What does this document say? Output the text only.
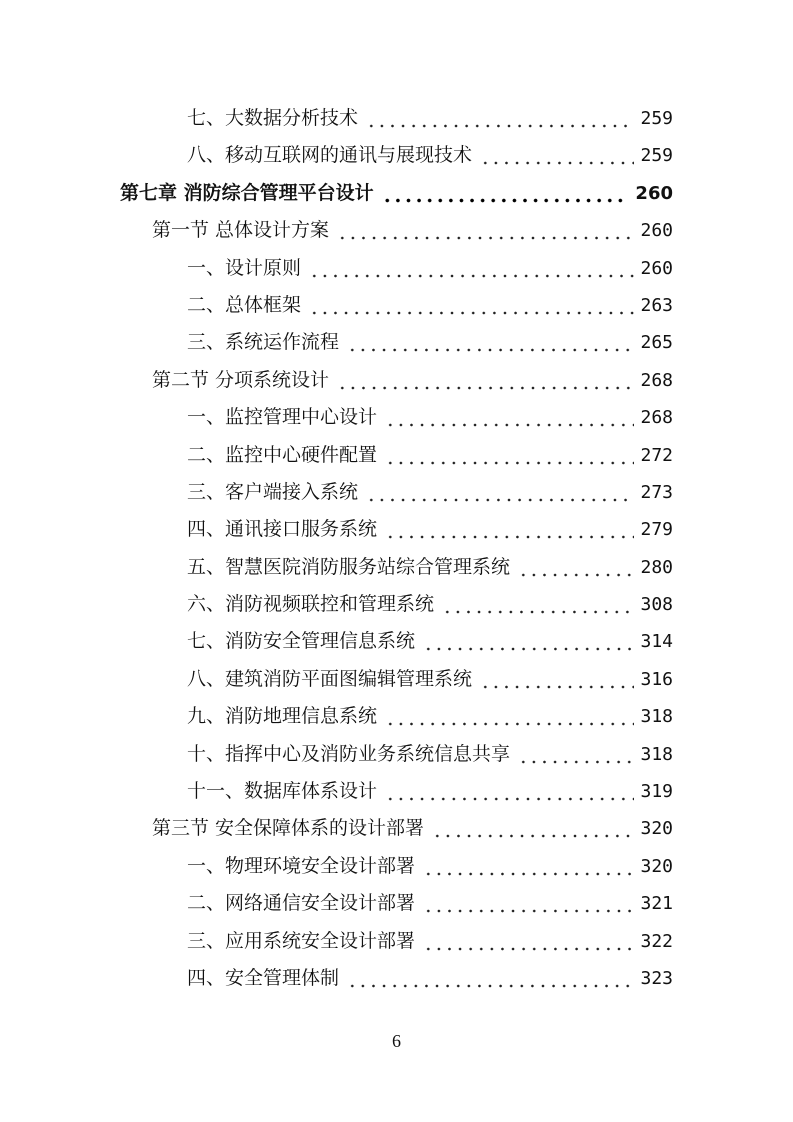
七、大数据分析技术	259
八、移动互联网的通讯与展现技术	259
第七章 消防综合管理平台设计	260
第一节 总体设计方案	260
一、设计原则	260
二、总体框架	263
三、系统运作流程	265
第二节 分项系统设计	268
一、监控管理中心设计	268
二、监控中心硬件配置	272
三、客户端接入系统	273
四、通讯接口服务系统	279
五、智慧医院消防服务站综合管理系统	280
六、消防视频联控和管理系统	308
七、消防安全管理信息系统	314
八、建筑消防平面图编辑管理系统	316
九、消防地理信息系统	318
十、指挥中心及消防业务系统信息共享	318
十一、数据库体系设计	319
第三节 安全保障体系的设计部署	320
一、物理环境安全设计部署	320
二、网络通信安全设计部署	321
三、应用系统安全设计部署	322
四、安全管理体制	323
6
